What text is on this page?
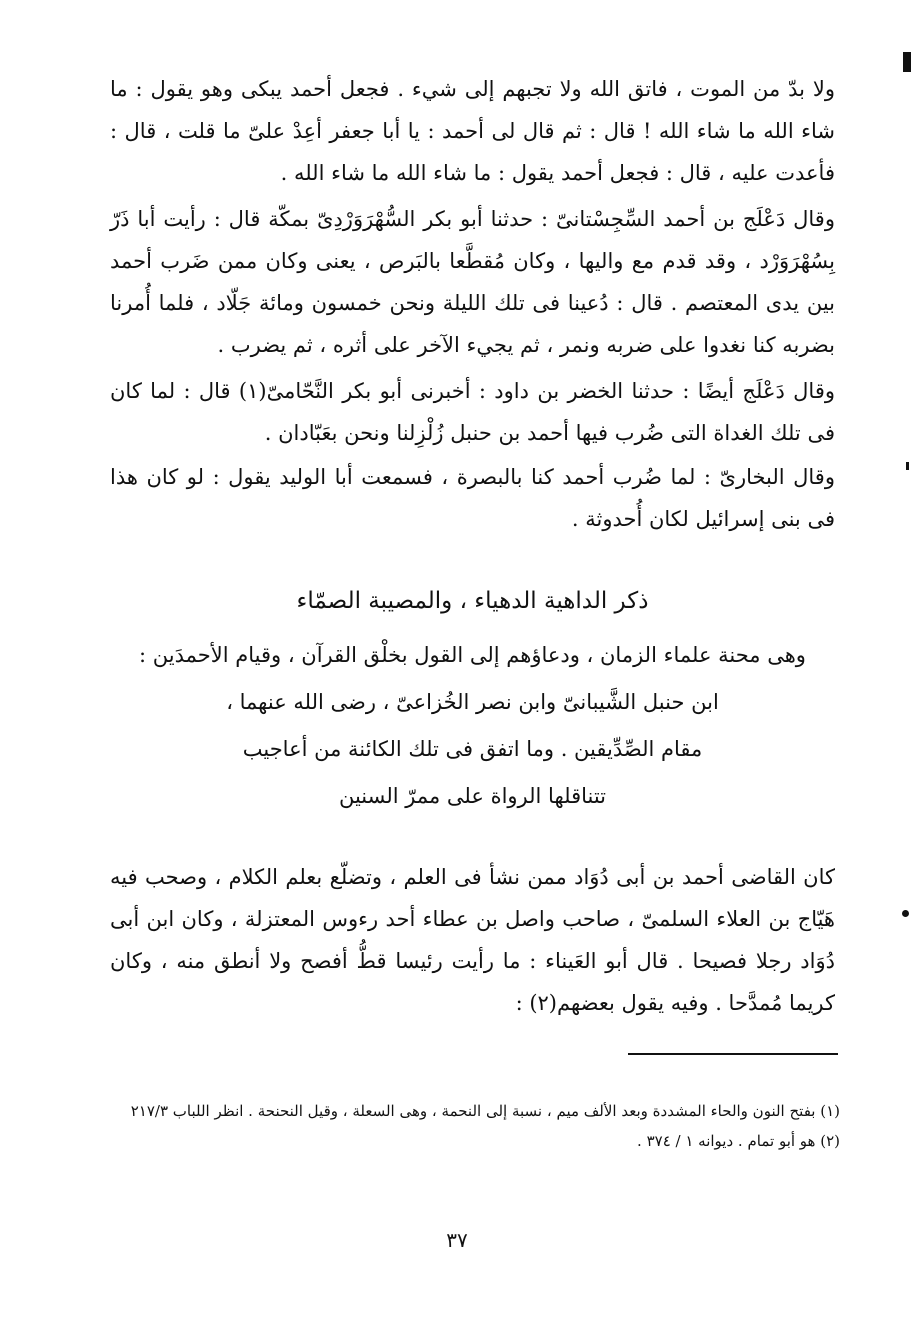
ولا بدّ من الموت ، فاتق الله ولا تجبهم إلى شيء . فجعل أحمد يبكى وهو يقول : ما شاء الله ما شاء الله ! قال : ثم قال لى أحمد : يا أبا جعفر أعِدْ علىّ ما قلت ، قال : فأعدت عليه ، قال : فجعل أحمد يقول : ما شاء الله ما شاء الله .
وقال دَعْلَج بن أحمد السِّجِسْتانىّ : حدثنا أبو بكر السُّهْرَوَرْدِىّ بمكّة قال : رأيت أبا ذَرّ بِسُهْرَوَرْد ، وقد قدم مع واليها ، وكان مُقطَّعا بالبَرص ، يعنى وكان ممن ضَرب أحمد بين يدى المعتصم . قال : دُعينا فى تلك الليلة ونحن خمسون ومائة جَلّاد ، فلما أُمرنا بضربه كنا نغدوا على ضربه ونمر ، ثم يجيء الآخر على أثره ، ثم يضرب .
وقال دَعْلَج أيضًا : حدثنا الخضر بن داود : أخبرنى أبو بكر النَّحّامىّ(١) قال : لما كان فى تلك الغداة التى ضُرب فيها أحمد بن حنبل زُلْزِلنا ونحن بعَبّادان .
وقال البخارىّ : لما ضُرب أحمد كنا بالبصرة ، فسمعت أبا الوليد يقول : لو كان هذا فى بنى إسرائيل لكان أُحدوثة .
ذكر الداهية الدهياء ، والمصيبة الصمّاء
وهى محنة علماء الزمان ، ودعاؤهم إلى القول بخلْق القرآن ، وقيام الأحمدَين :
ابن حنبل الشَّيبانىّ وابن نصر الخُزاعىّ ، رضى الله عنهما ،
مقام الصِّدِّيقين . وما اتفق فى تلك الكائنة من أعاجيب
تتناقلها الرواة على ممرّ السنين
كان القاضى أحمد بن أبى دُوَاد ممن نشأ فى العلم ، وتضلّع بعلم الكلام ، وصحب فيه هَيّاج بن العلاء السلمىّ ، صاحب واصل بن عطاء أحد رءوس المعتزلة ، وكان ابن أبى دُوَاد رجلا فصيحا . قال أبو العَيناء : ما رأيت رئيسا قطُّ أفصح ولا أنطق منه ، وكان كريما مُمدَّحا . وفيه يقول بعضهم(٢) :
(١) بفتح النون والحاء المشددة وبعد الألف ميم ، نسبة إلى النحمة ، وهى السعلة ، وقيل النحنحة . انظر اللباب ٢١٧/٣
(٢) هو أبو تمام . ديوانه ١ / ٣٧٤ .
٣٧
